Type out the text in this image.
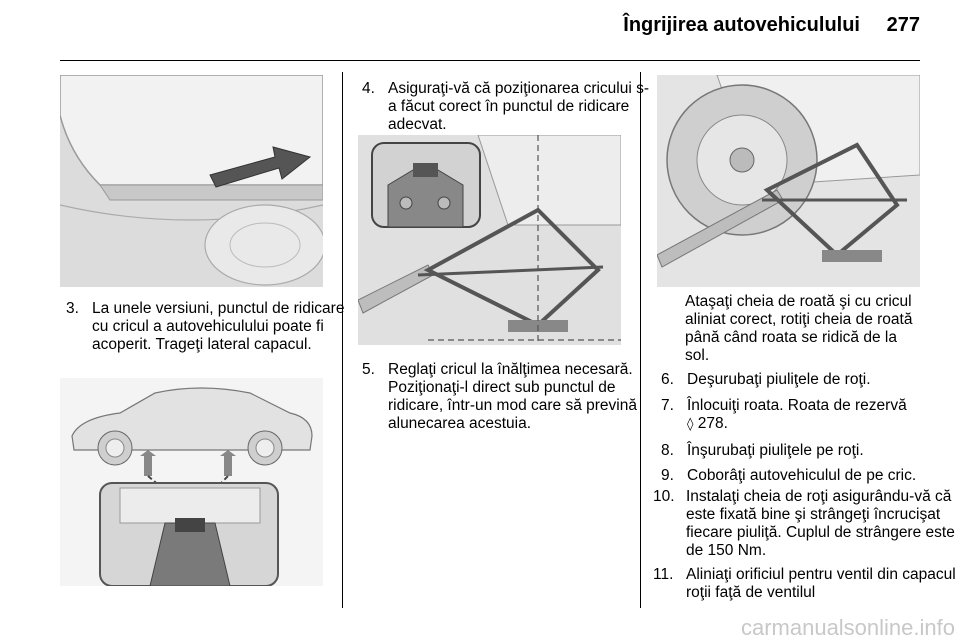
Îngrijirea autovehiculului	277
3. La unele versiuni, punctul de ridicare cu cricul a autovehiculului poate fi acoperit. Trageţi lateral capacul.
4. Asiguraţi-vă că poziţionarea cricului s-a făcut corect în punctul de ridicare adecvat.
5. Reglaţi cricul la înălţimea necesară. Poziţionaţi-l direct sub punctul de ridicare, într-un mod care să prevină alunecarea acestuia.
Ataşaţi cheia de roată şi cu cricul aliniat corect, rotiţi cheia de roată până când roata se ridică de la sol.
6. Deşurubaţi piuliţele de roţi.
7. Înlocuiţi roata. Roata de rezervă
◊ 278.
8. Înşurubaţi piuliţele pe roţi.
9. Coborâţi autovehiculul de pe cric.
10. Instalaţi cheia de roţi asigurându-vă că este fixată bine şi strângeţi încrucişat fiecare piuliţă. Cuplul de strângere este de 150 Nm.
11. Aliniaţi orificiul pentru ventil din capacul roţii faţă de ventilul
carmanualsonline.info
